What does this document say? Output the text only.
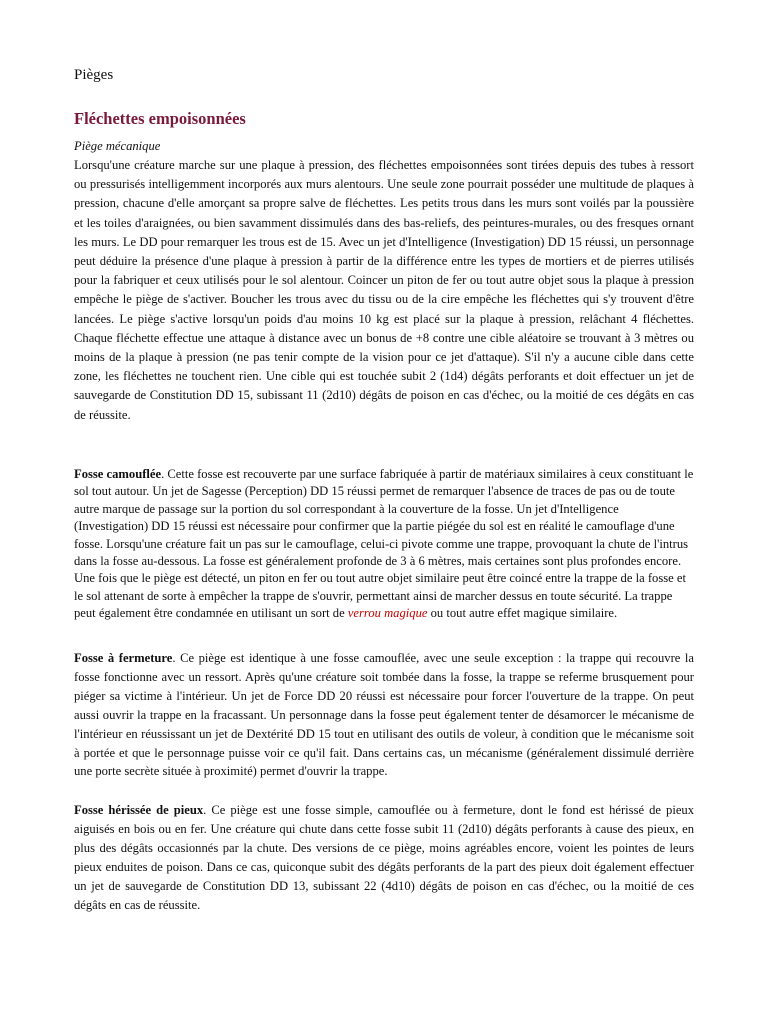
Pièges
Fléchettes empoisonnées
Piège mécanique

Lorsqu'une créature marche sur une plaque à pression, des fléchettes empoisonnées sont tirées depuis des tubes à ressort ou pressurisés intelligemment incorporés aux murs alentours. Une seule zone pourrait posséder une multitude de plaques à pression, chacune d'elle amorçant sa propre salve de fléchettes. Les petits trous dans les murs sont voilés par la poussière et les toiles d'araignées, ou bien savamment dissimulés dans des bas-reliefs, des peintures-murales, ou des fresques ornant les murs. Le DD pour remarquer les trous est de 15. Avec un jet d'Intelligence (Investigation) DD 15 réussi, un personnage peut déduire la présence d'une plaque à pression à partir de la différence entre les types de mortiers et de pierres utilisés pour la fabriquer et ceux utilisés pour le sol alentour. Coincer un piton de fer ou tout autre objet sous la plaque à pression empêche le piège de s'activer. Boucher les trous avec du tissu ou de la cire empêche les fléchettes qui s'y trouvent d'être lancées. Le piège s'active lorsqu'un poids d'au moins 10 kg est placé sur la plaque à pression, relâchant 4 fléchettes. Chaque fléchette effectue une attaque à distance avec un bonus de +8 contre une cible aléatoire se trouvant à 3 mètres ou moins de la plaque à pression (ne pas tenir compte de la vision pour ce jet d'attaque). S'il n'y a aucune cible dans cette zone, les fléchettes ne touchent rien. Une cible qui est touchée subit 2 (1d4) dégâts perforants et doit effectuer un jet de sauvegarde de Constitution DD 15, subissant 11 (2d10) dégâts de poison en cas d'échec, ou la moitié de ces dégâts en cas de réussite.

Fosse camouflée. Cette fosse est recouverte par une surface fabriquée à partir de matériaux similaires à ceux constituant le sol tout autour. Un jet de Sagesse (Perception) DD 15 réussi permet de remarquer l'absence de traces de pas ou de toute autre marque de passage sur la portion du sol correspondant à la couverture de la fosse. Un jet d'Intelligence (Investigation) DD 15 réussi est nécessaire pour confirmer que la partie piégée du sol est en réalité le camouflage d'une fosse. Lorsqu'une créature fait un pas sur le camouflage, celui-ci pivote comme une trappe, provoquant la chute de l'intrus dans la fosse au-dessous. La fosse est généralement profonde de 3 à 6 mètres, mais certaines sont plus profondes encore. Une fois que le piège est détecté, un piton en fer ou tout autre objet similaire peut être coincé entre la trappe de la fosse et le sol attenant de sorte à empêcher la trappe de s'ouvrir, permettant ainsi de marcher dessus en toute sécurité. La trappe peut également être condamnée en utilisant un sort de verrou magique ou tout autre effet magique similaire.

Fosse à fermeture. Ce piège est identique à une fosse camouflée, avec une seule exception : la trappe qui recouvre la fosse fonctionne avec un ressort. Après qu'une créature soit tombée dans la fosse, la trappe se referme brusquement pour piéger sa victime à l'intérieur. Un jet de Force DD 20 réussi est nécessaire pour forcer l'ouverture de la trappe. On peut aussi ouvrir la trappe en la fracassant. Un personnage dans la fosse peut également tenter de désamorcer le mécanisme de l'intérieur en réussissant un jet de Dextérité DD 15 tout en utilisant des outils de voleur, à condition que le mécanisme soit à portée et que le personnage puisse voir ce qu'il fait. Dans certains cas, un mécanisme (généralement dissimulé derrière une porte secrète située à proximité) permet d'ouvrir la trappe.

Fosse hérissée de pieux. Ce piège est une fosse simple, camouflée ou à fermeture, dont le fond est hérissé de pieux aiguisés en bois ou en fer. Une créature qui chute dans cette fosse subit 11 (2d10) dégâts perforants à cause des pieux, en plus des dégâts occasionnés par la chute. Des versions de ce piège, moins agréables encore, voient les pointes de leurs pieux enduites de poison. Dans ce cas, quiconque subit des dégâts perforants de la part des pieux doit également effectuer un jet de sauvegarde de Constitution DD 13, subissant 22 (4d10) dégâts de poison en cas d'échec, ou la moitié de ces dégâts en cas de réussite.
